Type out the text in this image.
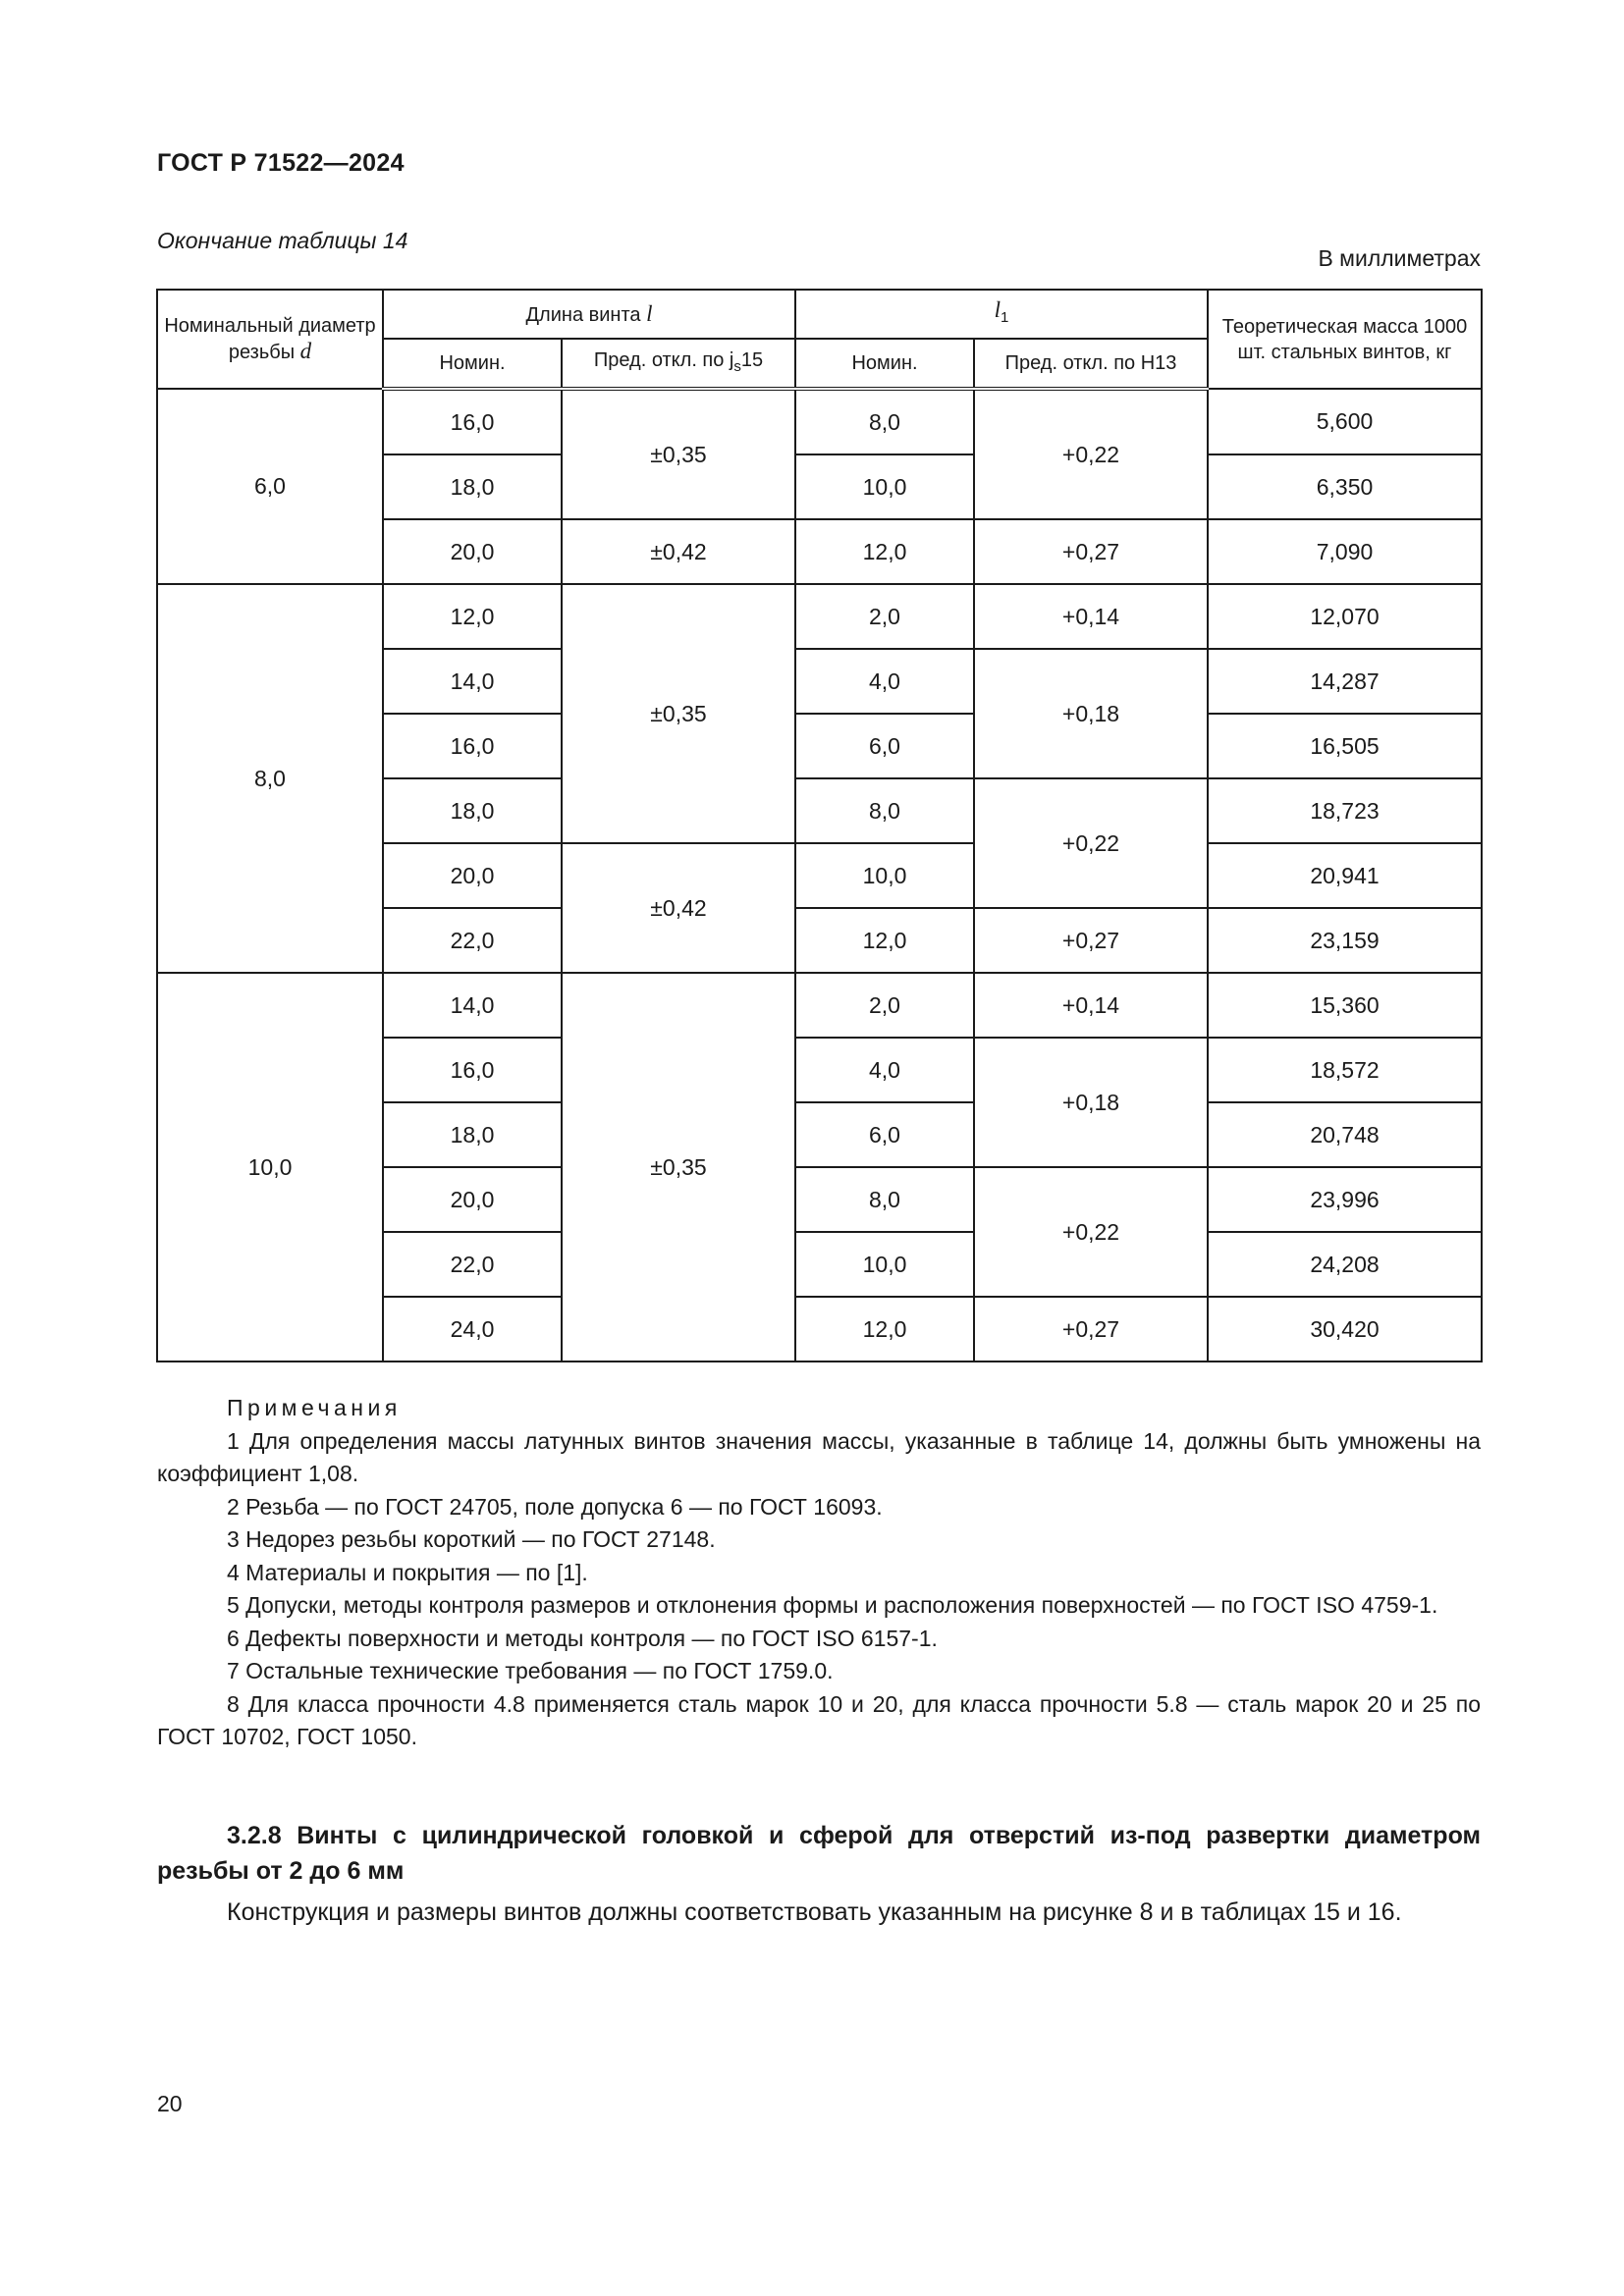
ГОСТ Р 71522—2024
Окончание таблицы 14
В миллиметрах
Номинальный диаметр резьбы d	Длина винта l		$l_1$		Теоретическая масса 1000 шт. стальных винтов, кг
	Номин.	Пред. откл. по $j_s15$	Номин.	Пред. откл. по H13	
6,0	16,0	±0,35	8,0	+0,22	5,600
	18,0		10,0		6,350
	20,0	±0,42	12,0	+0,27	7,090
8,0	12,0	±0,35	2,0	+0,14	12,070
	14,0		4,0	+0,18	14,287
	16,0		6,0		16,505
	18,0		8,0	+0,22	18,723
	20,0	±0,42	10,0		20,941
	22,0		12,0	+0,27	23,159
10,0	14,0	±0,35	2,0	+0,14	15,360
	16,0		4,0	+0,18	18,572
	18,0		6,0		20,748
	20,0		8,0	+0,22	23,996
	22,0		10,0		24,208
	24,0		12,0	+0,27	30,420
Примечания

1 Для определения массы латунных винтов значения массы, указанные в таблице 14, должны быть умножены на коэффициент 1,08.

2 Резьба — по ГОСТ 24705, поле допуска 6 — по ГОСТ 16093.

3 Недорез резьбы короткий — по ГОСТ 27148.

4 Материалы и покрытия — по [1].

5 Допуски, методы контроля размеров и отклонения формы и расположения поверхностей — по ГОСТ ISO 4759-1.

6 Дефекты поверхности и методы контроля — по ГОСТ ISO 6157-1.

7 Остальные технические требования — по ГОСТ 1759.0.

8 Для класса прочности 4.8 применяется сталь марок 10 и 20, для класса прочности 5.8 — сталь марок 20 и 25 по ГОСТ 10702, ГОСТ 1050.

3.2.8 Винты с цилиндрической головкой и сферой для отверстий из-под развертки диаметром резьбы от 2 до 6 мм
Конструкция и размеры винтов должны соответствовать указанным на рисунке 8 и в таблицах 15 и 16.
20
